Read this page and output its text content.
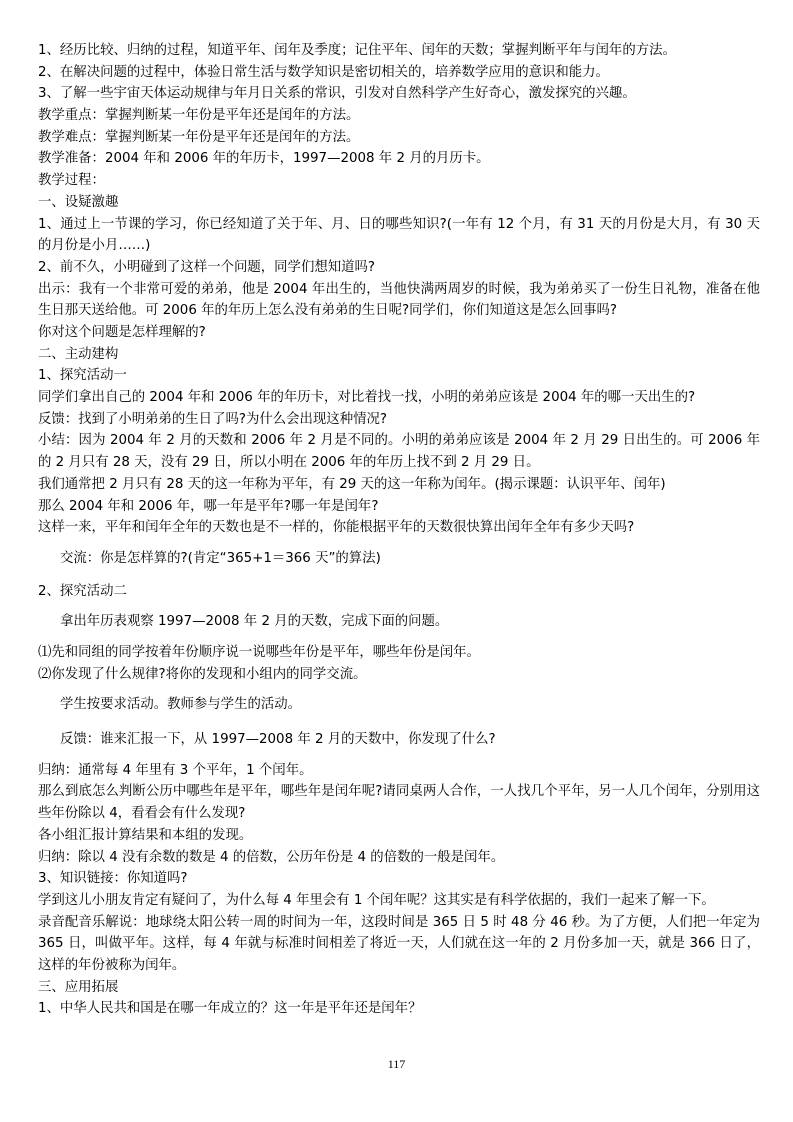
1、经历比较、归纳的过程，知道平年、闰年及季度；记住平年、闰年的天数；掌握判断平年与闰年的方法。
2、在解决问题的过程中，体验日常生活与数学知识是密切相关的，培养数学应用的意识和能力。
3、了解一些宇宙天体运动规律与年月日关系的常识，引发对自然科学产生好奇心，激发探究的兴趣。
教学重点：掌握判断某一年份是平年还是闰年的方法。
教学难点：掌握判断某一年份是平年还是闰年的方法。
教学准备：2004 年和 2006 年的年历卡，1997—2008 年 2 月的月历卡。
教学过程：
一、设疑激趣
1、通过上一节课的学习，你已经知道了关于年、月、日的哪些知识?(一年有 12 个月，有 31 天的月份是大月，有 30 天的月份是小月……)
2、前不久，小明碰到了这样一个问题，同学们想知道吗?
出示：我有一个非常可爱的弟弟，他是 2004 年出生的，当他快满两周岁的时候，我为弟弟买了一份生日礼物，准备在他生日那天送给他。可 2006 年的年历上怎么没有弟弟的生日呢?同学们，你们知道这是怎么回事吗?
你对这个问题是怎样理解的?
二、主动建构
1、探究活动一
同学们拿出自己的 2004 年和 2006 年的年历卡，对比着找一找，小明的弟弟应该是 2004 年的哪一天出生的?
反馈：找到了小明弟弟的生日了吗?为什么会出现这种情况?
小结：因为 2004 年 2 月的天数和 2006 年 2 月是不同的。小明的弟弟应该是 2004 年 2 月 29 日出生的。可 2006 年的 2 月只有 28 天，没有 29 日，所以小明在 2006 年的年历上找不到 2 月 29 日。
我们通常把 2 月只有 28 天的这一年称为平年，有 29 天的这一年称为闰年。(揭示课题：认识平年、闰年)
那么 2004 年和 2006 年，哪一年是平年?哪一年是闰年?
这样一来，平年和闰年全年的天数也是不一样的，你能根据平年的天数很快算出闰年全年有多少天吗?
交流：你是怎样算的?(肯定“365+1＝366 天”的算法)
2、探究活动二
拿出年历表观察 1997—2008 年 2 月的天数，完成下面的问题。
⑴先和同组的同学按着年份顺序说一说哪些年份是平年，哪些年份是闰年。
⑵你发现了什么规律?将你的发现和小组内的同学交流。
学生按要求活动。教师参与学生的活动。
反馈：谁来汇报一下，从 1997—2008 年 2 月的天数中，你发现了什么?
归纳：通常每 4 年里有 3 个平年，1 个闰年。
那么到底怎么判断公历中哪些年是平年，哪些年是闰年呢?请同桌两人合作，一人找几个平年，另一人几个闰年，分别用这些年份除以 4，看看会有什么发现?
各小组汇报计算结果和本组的发现。
归纳：除以 4 没有余数的数是 4 的倍数，公历年份是 4 的倍数的一般是闰年。
3、知识链接：你知道吗?
学到这儿小朋友肯定有疑问了，为什么每 4 年里会有 1 个闰年呢？这其实是有科学依据的，我们一起来了解一下。
录音配音乐解说：地球绕太阳公转一周的时间为一年，这段时间是 365 日 5 时 48 分 46 秒。为了方便，人们把一年定为 365 日，叫做平年。这样，每 4 年就与标准时间相差了将近一天，人们就在这一年的 2 月份多加一天，就是 366 日了，这样的年份被称为闰年。
三、应用拓展
1、中华人民共和国是在哪一年成立的？这一年是平年还是闰年？
117
